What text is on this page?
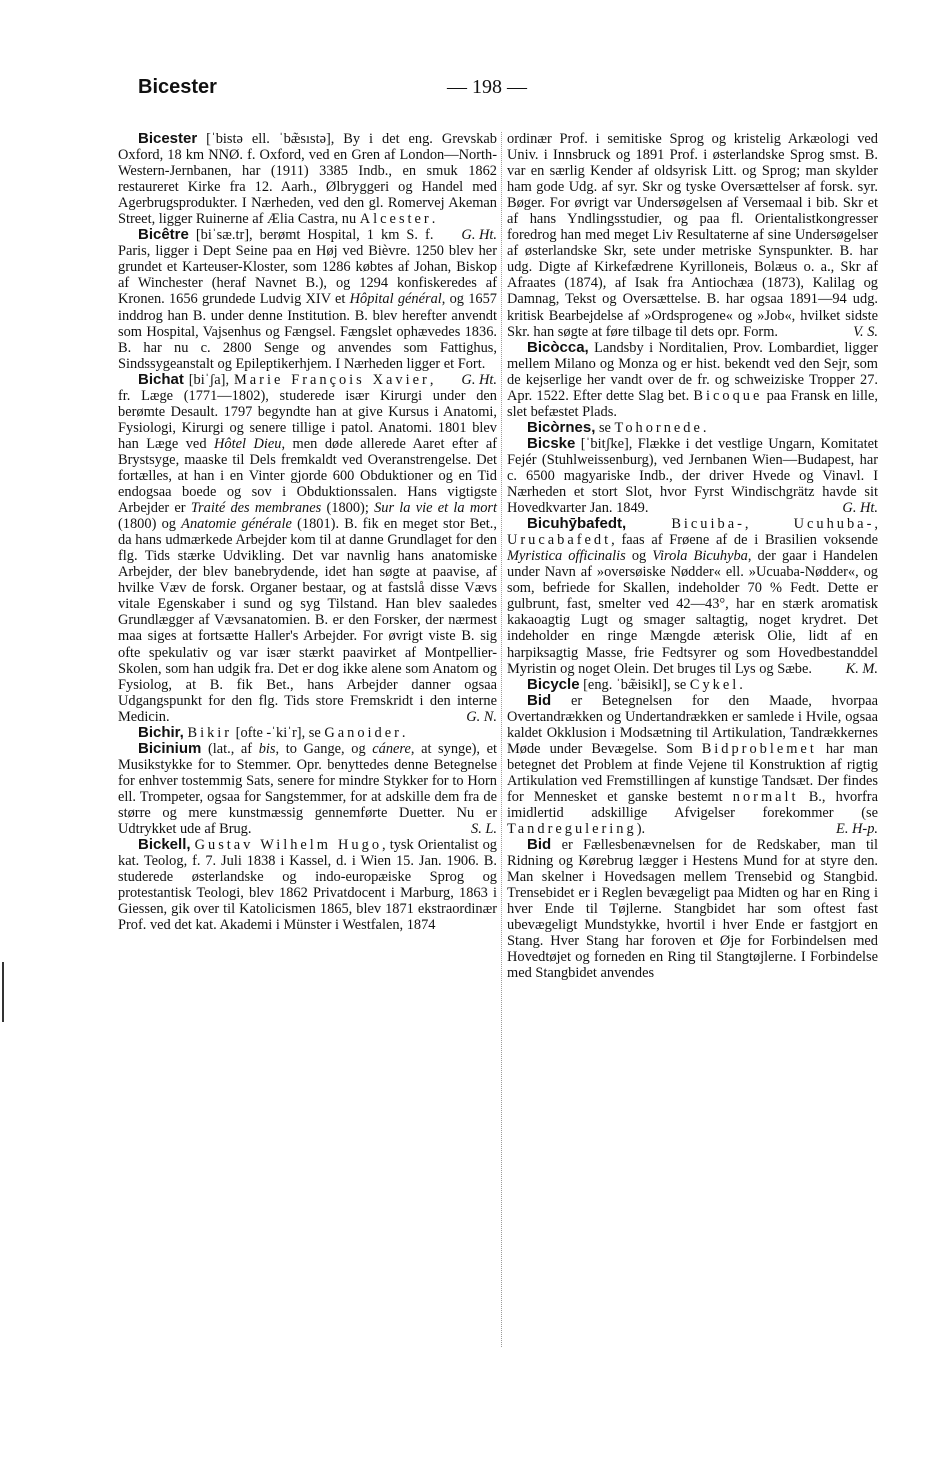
Bicester	— 198 —

Bicester [ˈbistə ell. ˈbæ̃sıstə], By i det eng. Grevskab Oxford, 18 km NNØ. f. Oxford, ved en Gren af London—North-Western-Jernbanen, har (1911) 3385 Indb., en smuk 1862 restaureret Kirke fra 12. Aarh., Ølbryggeri og Handel med Agerbrugsprodukter. I Nærheden, ved den gl. Romervej Akeman Street, ligger Ruinerne af Ælia Castra, nu Alcester.
G. Ht.

Bicêtre [biˈsæ.tr], berømt Hospital, 1 km S. f. Paris, ligger i Dept Seine paa en Høj ved Bièvre. 1250 blev her grundet et Karteuser-Kloster, som 1286 købtes af Johan, Biskop af Winchester (heraf Navnet B.), og 1294 konfiskeredes af Kronen. 1656 grundede Ludvig XIV et Hôpital général, og 1657 inddrog han B. under denne Institution. B. blev herefter anvendt som Hospital, Vajsenhus og Fængsel. Fængslet ophævedes 1836. B. har nu c. 2800 Senge og anvendes som Fattighus, Sindssygeanstalt og Epileptikerhjem. I Nærheden ligger et Fort.
G. Ht.

Bichat [biˈʃa], Marie François Xavier, fr. Læge (1771—1802), studerede især Kirurgi under den berømte Desault. 1797 begyndte han at give Kursus i Anatomi, Fysiologi, Kirurgi og senere tillige i patol. Anatomi. 1801 blev han Læge ved Hôtel Dieu, men døde allerede Aaret efter af Brystsyge, maaske til Dels fremkaldt ved Overanstrengelse. Det fortælles, at han i en Vinter gjorde 600 Obduktioner og en Tid endogsaa boede og sov i Obduktionssalen. Hans vigtigste Arbejder er Traité des membranes (1800); Sur la vie et la mort (1800) og Anatomie générale (1801). B. fik en meget stor Bet., da hans udmærkede Arbejder kom til at danne Grundlaget for den flg. Tids stærke Udvikling. Det var navnlig hans anatomiske Arbejder, der blev banebrydende, idet han søgte at paavise, af hvilke Væv de forsk. Organer bestaar, og at fastslå disse Vævs vitale Egenskaber i sund og syg Tilstand. Han blev saaledes Grundlægger af Vævsanatomien. B. er den Forsker, der nærmest maa siges at fortsætte Haller's Arbejder. For øvrigt viste B. sig ofte spekulativ og var især stærkt paavirket af Montpellier-Skolen, som han udgik fra. Det er dog ikke alene som Anatom og Fysiolog, at B. fik Bet., hans Arbejder danner ogsaa Udgangspunkt for den flg. Tids store Fremskridt i den interne Medicin.	G. N.

Bichir, Bikir [ofte -ˈkiˈr], se Ganoider.

Bicinium (lat., af bis, to Gange, og cánere, at synge), et Musikstykke for to Stemmer. Opr. benyttedes denne Betegnelse for enhver tostemmig Sats, senere for mindre Stykker for to Horn ell. Trompeter, ogsaa for Sangstemmer, for at adskille dem fra de større og mere kunstmæssig gennemførte Duetter. Nu er Udtrykket ude af Brug.	S. L.

Bickell, Gustav Wilhelm Hugo, tysk Orientalist og kat. Teolog, f. 7. Juli 1838 i Kassel, d. i Wien 15. Jan. 1906. B. studerede østerlandske og indo-europæiske Sprog og protestantisk Teologi, blev 1862 Privatdocent i Marburg, 1863 i Giessen, gik over til Katolicismen 1865, blev 1871 ekstraordinær Prof. ved det kat. Akademi i Münster i Westfalen, 1874

ordinær Prof. i semitiske Sprog og kristelig Arkæologi ved Univ. i Innsbruck og 1891 Prof. i østerlandske Sprog smst. B. var en særlig Kender af oldsyrisk Litt. og Sprog; man skylder ham gode Udg. af syr. Skr og tyske Oversættelser af forsk. syr. Bøger. For øvrigt var Undersøgelsen af Versemaal i bib. Skr et af hans Yndlingsstudier, og paa fl. Orientalistkongresser foredrog han med meget Liv Resultaterne af sine Undersøgelser af østerlandske Skr, sete under metriske Synspunkter. B. har udg. Digte af Kirkefædrene Kyrilloneis, Bolæus o. a., Skr af Afraates (1874), af Isak fra Antiochæa (1873), Kalilag og Damnag, Tekst og Oversættelse. B. har ogsaa 1891—94 udg. kritisk Bearbejdelse af »Ordsprogene« og »Job«, hvilket sidste Skr. han søgte at føre tilbage til dets opr. Form.	V. S.

Bicòcca, Landsby i Norditalien, Prov. Lombardiet, ligger mellem Milano og Monza og er hist. bekendt ved den Sejr, som de kejserlige her vandt over de fr. og schweiziske Tropper 27. Apr. 1522. Efter dette Slag bet. Bicoque paa Fransk en lille, slet befæstet Plads.

Bicòrnes, se Tohornede.

Bicske [ˈbitʃke], Flække i det vestlige Ungarn, Komitatet Fejér (Stuhlweissenburg), ved Jernbanen Wien—Budapest, har c. 6500 magyariske Indb., der driver Hvede og Vinavl. I Nærheden et stort Slot, hvor Fyrst Windischgrätz havde sit Hovedkvarter Jan. 1849.	G. Ht.

Bicuhȳbafedt,	Bicuiba-, Ucuhuba-, Urucabafedt, faas af Frøene af de i Brasilien voksende Myristica officinalis og Virola Bicuhyba, der gaar i Handelen under Navn af »oversøiske Nødder« ell. »Ucuaba-Nødder«, og som, befriede for Skallen, indeholder 70 % Fedt. Dette er gulbrunt, fast, smelter ved 42—43°, har en stærk aromatisk kakaoagtig Lugt og smager saltagtig, noget krydret. Det indeholder en ringe Mængde æterisk Olie, lidt af en harpiksagtig Masse, frie Fedtsyrer og som Hovedbestanddel Myristin og noget Olein. Det bruges til Lys og Sæbe.	K. M.

Bicycle [eng. ˈbæ̃isikl], se Cykel.

Bid er Betegnelsen for den Maade, hvorpaa Overtandrækken og Undertandrækken er samlede i Hvile, ogsaa kaldet Okklusion i Modsætning til Artikulation, Tandrækkernes Møde under Bevægelse. Som Bidproblemet har man betegnet det Problem at finde Vejene til Konstruktion af rigtig Artikulation ved Fremstillingen af kunstige Tandsæt. Der findes for Mennesket et ganske bestemt normalt B., hvorfra imidlertid adskillige Afvigelser forekommer (se Tandregulering).	E. H-p.

Bid er Fællesbenævnelsen for de Redskaber, man til Ridning og Kørebrug lægger i Hestens Mund for at styre den. Man skelner i Hovedsagen mellem Trensebid og Stangbid. Trensebidet er i Reglen bevægeligt paa Midten og har en Ring i hver Ende til Tøjlerne. Stangbidet har som oftest fast ubevægeligt Mundstykke, hvortil i hver Ende er fastgjort en Stang. Hver Stang har foroven et Øje for Forbindelsen med Hovedtøjet og forneden en Ring til Stangtøjlerne. I Forbindelse med Stangbidet anvendes
